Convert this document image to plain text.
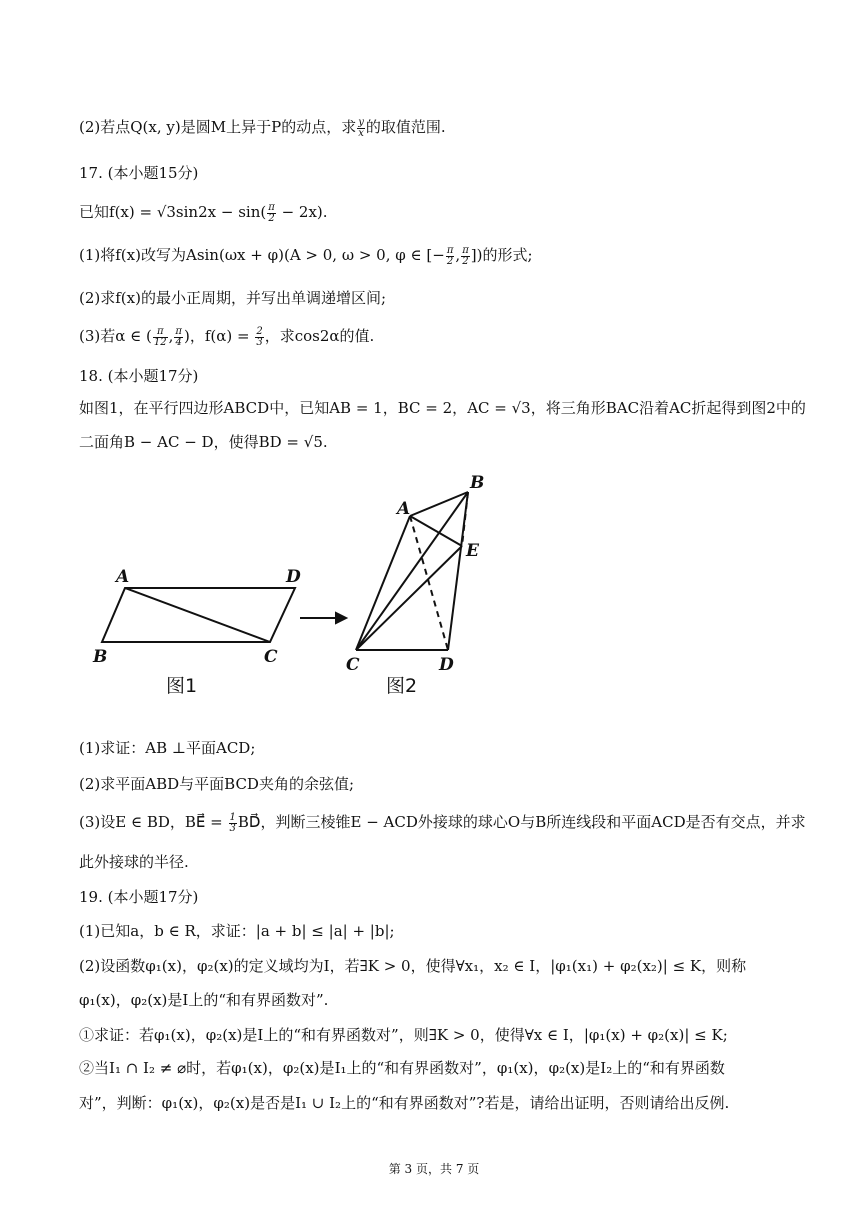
(2)若点Q(x, y)是圆M上异于P的动点，求 $\frac{y}{x}$ 的取值范围.
17. (本小题15分)
已知$f(x) = √3\sin 2x - \sin( \frac{\pi}{2} - 2x)$.
(1)将f(x)改写为Asin(ωx + φ)(A > 0, ω > 0, φ ∈ [− $\frac{\pi}{2}$ , $\frac{\pi}{2}$ ])的形式;
(2)求f(x)的最小正周期，并写出单调递增区间;
(3)若α ∈ ( $\frac{\pi}{12}$ , $\frac{\pi}{4}$ )，$f(\alpha) = \frac{2}{3}$ ，求cos2α的值.
18. (本小题17分)
如图1，在平行四边形ABCD中，已知AB = 1，BC = 2，AC = √3，将三角形BAC沿着AC折起得到图2中的
二面角B − AC − D，使得BD = √5.
A	D
B	C
A
B
E
C	D
图1	图2
(1)求证：AB ⊥平面ACD;
(2)求平面ABD与平面BCD夹角的余弦值;
(3)设E ∈ BD，BE⃗ = $\frac{1}{3}$ BD⃗，判断三棱锥E − ACD外接球的球心O与B所连线段和平面ACD是否有交点，并求
此外接球的半径.
19. (本小题17分)
(1)已知a，b ∈ R，求证：|a + b| ≤ |a| + |b|;
(2)设函数φ₁(x)，φ₂(x)的定义域均为I，若∃K > 0，使得∀x₁，x₂ ∈ I，|φ₁(x₁) + φ₂(x₂)| ≤ K，则称
φ₁(x)，φ₂(x)是I上的“和有界函数对”.
①求证：若φ₁(x)，φ₂(x)是I上的“和有界函数对”，则∃K > 0，使得∀x ∈ I，|φ₁(x) + φ₂(x)| ≤ K;
②当I₁ ∩ I₂ ≠ ⌀时，若φ₁(x)，φ₂(x)是I₁上的“和有界函数对”，φ₁(x)，φ₂(x)是I₂上的“和有界函数
对”，判断：φ₁(x)，φ₂(x)是否是I₁ ∪ I₂上的“和有界函数对”?若是，请给出证明，否则请给出反例.
第 3 页，共 7 页
